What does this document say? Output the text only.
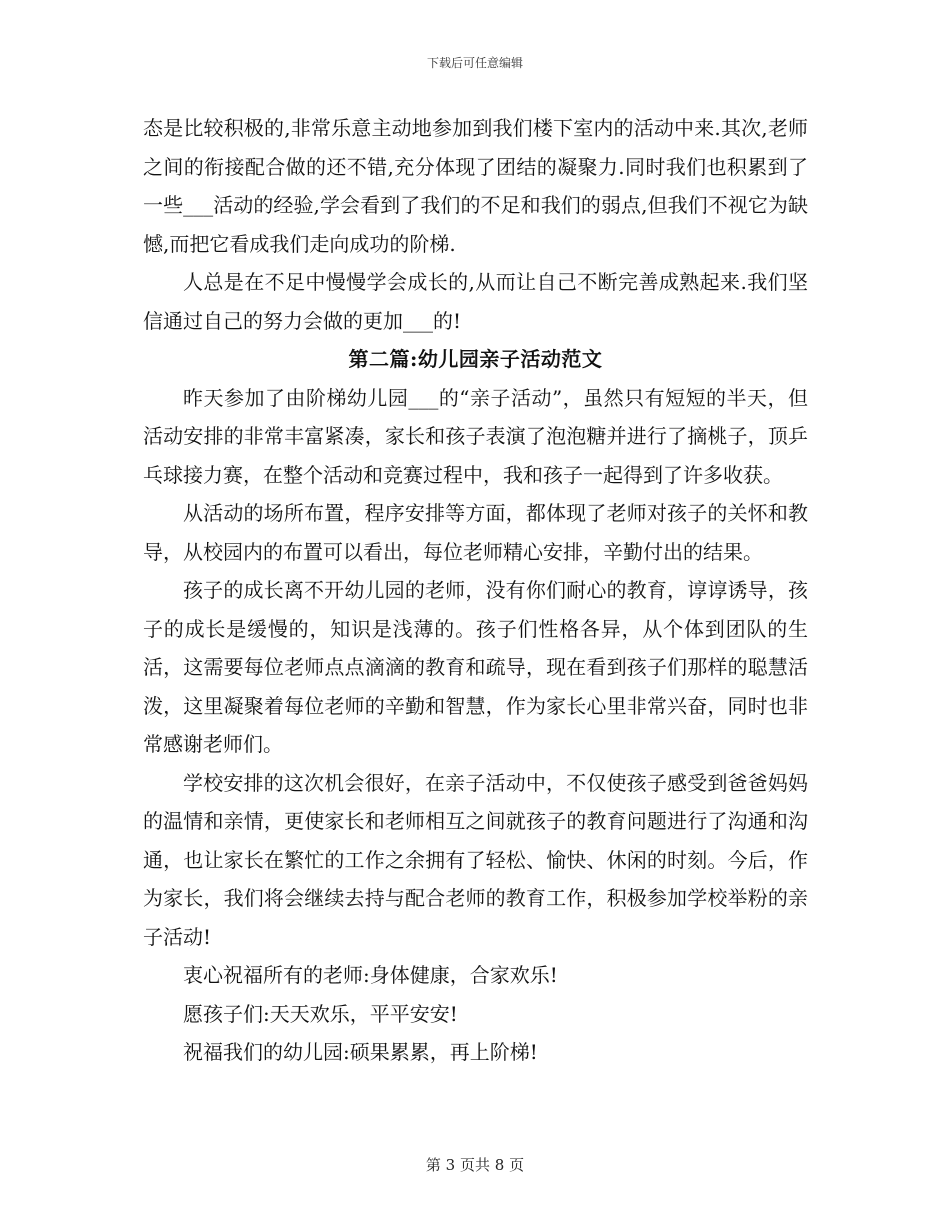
下载后可任意编辑

态是比较积极的,非常乐意主动地参加到我们楼下室内的活动中来.其次,老师之间的衔接配合做的还不错,充分体现了团结的凝聚力.同时我们也积累到了一些___活动的经验,学会看到了我们的不足和我们的弱点,但我们不视它为缺憾,而把它看成我们走向成功的阶梯.

人总是在不足中慢慢学会成长的,从而让自己不断完善成熟起来.我们坚信通过自己的努力会做的更加___的!

第二篇:幼儿园亲子活动范文

昨天参加了由阶梯幼儿园___的“亲子活动”，虽然只有短短的半天，但活动安排的非常丰富紧凑，家长和孩子表演了泡泡糖并进行了摘桃子，顶乒乓球接力赛，在整个活动和竞赛过程中，我和孩子一起得到了许多收获。

从活动的场所布置，程序安排等方面，都体现了老师对孩子的关怀和教导，从校园内的布置可以看出，每位老师精心安排，辛勤付出的结果。

孩子的成长离不开幼儿园的老师，没有你们耐心的教育，谆谆诱导，孩子的成长是缓慢的，知识是浅薄的。孩子们性格各异，从个体到团队的生活，这需要每位老师点点滴滴的教育和疏导，现在看到孩子们那样的聪慧活泼，这里凝聚着每位老师的辛勤和智慧，作为家长心里非常兴奋，同时也非常感谢老师们。

学校安排的这次机会很好，在亲子活动中，不仅使孩子感受到爸爸妈妈的温情和亲情，更使家长和老师相互之间就孩子的教育问题进行了沟通和沟通，也让家长在繁忙的工作之余拥有了轻松、愉快、休闲的时刻。今后，作为家长，我们将会继续去持与配合老师的教育工作，积极参加学校举粉的亲子活动!

衷心祝福所有的老师:身体健康，合家欢乐!

愿孩子们:天天欢乐，平平安安!

祝福我们的幼儿园:硕果累累，再上阶梯!

第 3 页共 8 页
